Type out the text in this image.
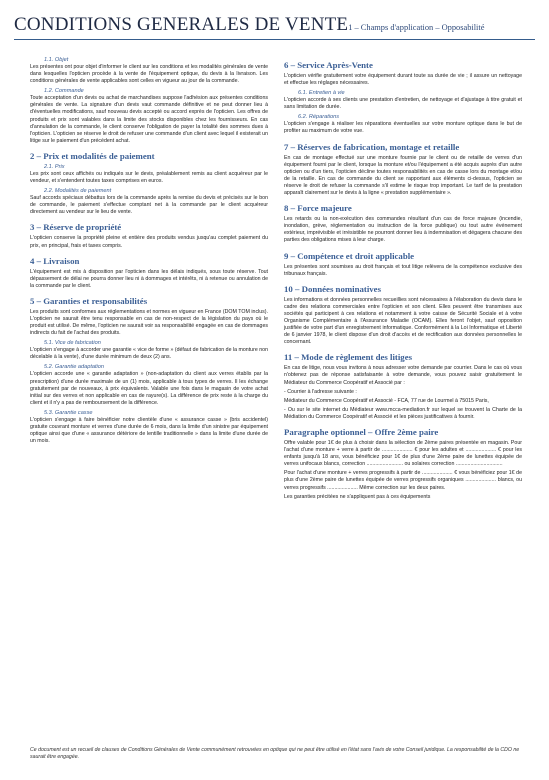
CONDITIONS GENERALES DE VENTE1 – Champs d'application – Opposabilité
1.1. Objet
Les présentes ont pour objet d'informer le client sur les conditions et les modalités générales de vente dans lesquelles l'opticien procède à la vente de l'équipement optique, du devis à la livraison. Les conditions générales de vente applicables sont celles en vigueur au jour de la commande.
1.2. Commande
Toute acceptation d'un devis ou achat de marchandises suppose l'adhésion aux présentes conditions générales de vente. La signature d'un devis vaut commande définitive et ne peut donner lieu à d'éventuelles modifications, sauf nouveau devis accepté ou accord exprès de l'opticien. Les offres de produits et prix sont valables dans la limite des stocks disponibles chez les fournisseurs. En cas d'annulation de la commande, le client conserve l'obligation de payer la totalité des sommes dues à l'opticien. L'opticien se réserve le droit de refuser une commande d'un client avec lequel il existerait un litige sur le paiement d'un précédent achat.
2 – Prix et modalités de paiement
2.1. Prix
Les prix sont ceux affichés ou indiqués sur le devis, préalablement remis au client acquéreur par le vendeur, et s'entendent toutes taxes comprises en euros.
2.2. Modalités de paiement
Sauf accords spéciaux débattus lors de la commande après la remise du devis et précisés sur le bon de commande, le paiement s'effectue comptant net à la commande par le client acquéreur directement au vendeur sur le lieu de vente.
3 – Réserve de propriété
L'opticien conserve la propriété pleine et entière des produits vendus jusqu'au complet paiement du prix, en principal, frais et taxes compris.
4 – Livraison
L'équipement est mis à disposition par l'opticien dans les délais indiqués, sous toute réserve. Tout dépassement de délai ne pourra donner lieu ni à dommages et intérêts, ni à retenue ou annulation de la commande par le client.
5 – Garanties et responsabilités
Les produits sont conformes aux réglementations et normes en vigueur en France (DOM TOM inclus). L'opticien ne saurait être tenu responsable en cas de non-respect de la législation du pays où le produit est utilisé. De même, l'opticien ne saurait voir sa responsabilité engagée en cas de dommages indirects du fait de l'achat des produits.
5.1. Vice de fabrication
L'opticien s'engage à accorder une garantie « vice de forme » (défaut de fabrication de la monture non décelable à la vente), d'une durée minimum de deux (2) ans.
5.2. Garantie adaptation
L'opticien accorde une « garantie adaptation » (non-adaptation du client aux verres établis par la prescription) d'une durée maximale de un (1) mois, applicable à tous types de verres. Il les échange gratuitement par de nouveaux, à prix équivalents. Valable une fois dans le magasin de votre achat initial sur des verres et non applicable en cas de rayure(s). La différence de prix reste à la charge du client et il n'y a pas de remboursement de la différence.
5.3. Garantie casse
L'opticien s'engage à faire bénéficier notre clientèle d'une « assurance casse » (bris accidentel) gratuite couvrant monture et verres d'une durée de 6 mois, dans la limite d'un sinistre par équipement optique ainsi que d'une « assurance détériore de lentille traditionnelle » dans la limite d'une durée de un mois.
6 – Service Après-Vente
L'opticien vérifie gratuitement votre équipement durant toute sa durée de vie ; il assure un nettoyage et effectue les réglages nécessaires.
6.1. Entretien à vie
L'opticien accorde à ses clients une prestation d'entretien, de nettoyage et d'ajustage à titre gratuit et sans limitation de durée.
6.2. Réparations
L'opticien s'engage à réaliser les réparations éventuelles sur votre monture optique dans le but de profiter au maximum de votre vue.
7 – Réserves de fabrication, montage et retaille
En cas de montage effectué sur une monture fournie par le client ou de retaille de verres d'un équipement fourni par le client, lorsque la monture et/ou l'équipement a été acquis auprès d'un autre opticien ou d'un tiers, l'opticien décline toutes responsabilités en cas de casse lors du montage et/ou de la retaille. En cas de commande du client se rapportant aux éléments ci-dessus, l'opticien se réserve le droit de refuser la commande s'il estime le risque trop important. Le tarif de la prestation apparaît clairement sur le devis à la ligne « prestation supplémentaire ».
8 – Force majeure
Les retards ou la non-exécution des commandes résultant d'un cas de force majeure (incendie, inondation, grève, réglementation ou instruction de la force publique) ou tout autre événement extérieur, imprévisible et irrésistible ne pourront donner lieu à indemnisation et dégagera chacune des parties des obligations mises à leur charge.
9 – Compétence et droit applicable
Les présentes sont soumises au droit français et tout litige relèvera de la compétence exclusive des tribunaux français.
10 – Données nominatives
Les informations et données personnelles recueillies sont nécessaires à l'élaboration du devis dans le cadre des relations commerciales entre l'opticien et son client. Elles peuvent être transmises aux sociétés qui participent à ces relations et notamment à votre caisse de Sécurité Sociale et à votre Organisme Complémentaire à l'Assurance Maladie (OCAM). Elles feront l'objet, sauf opposition justifiée de votre part d'un enregistrement informatique. Conformément à la Loi Informatique et Liberté de 6 janvier 1978, le client dispose d'un droit d'accès et de rectification aux données personnelles le concernant.
11 – Mode de règlement des litiges
En cas de litige, nous vous invitons à nous adresser votre demande par courrier. Dans le cas où vous n'obtenez pas de réponse satisfaisante à votre demande, vous pouvez saisir gratuitement le Médiateur du Commerce Coopératif et Associé par :
- Courrier à l'adresse suivante :
Médiateur du Commerce Coopératif et Associé - FCA, 77 rue de Lourmel à 75015 Paris,
- Ou sur le site internet du Médiateur www.mcca-mediation.fr sur lequel se trouvent la Charte de la Médiation du Commerce Coopératif et Associé et les pièces justificatives à fournir.
Paragraphe optionnel – Offre 2ème paire
Offre valable pour 1€ de plus à choisir dans la sélection de 2ème paires présentée en magasin. Pour l'achat d'une monture + verre à partir de ..................... € pour les adultes et ..................... € pour les enfants jusqu'à 18 ans, vous bénéficiez pour 1€ de plus d'une 2ème paire de lunettes équipée de verres unifocaux blancs, correction ......................... ou solaires correction ................................
Pour l'achat d'une monture + verres progressifs à partir de ..................... € vous bénéficiez pour 1€ de plus d'une 2ème paire de lunettes équipée de verres progressifs organiques ..................... blancs, ou verres progressifs ..................... Même correction sur les deux paires.
Les garanties précitées ne s'appliquent pas à ces équipements
Ce document est un recueil de clauses de Conditions Générales de Vente communément retrouvées en optique qui ne peut être utilisé en l'état sans l'avis de votre Conseil juridique. La responsabilité de la CDO ne saurait être engagée.
